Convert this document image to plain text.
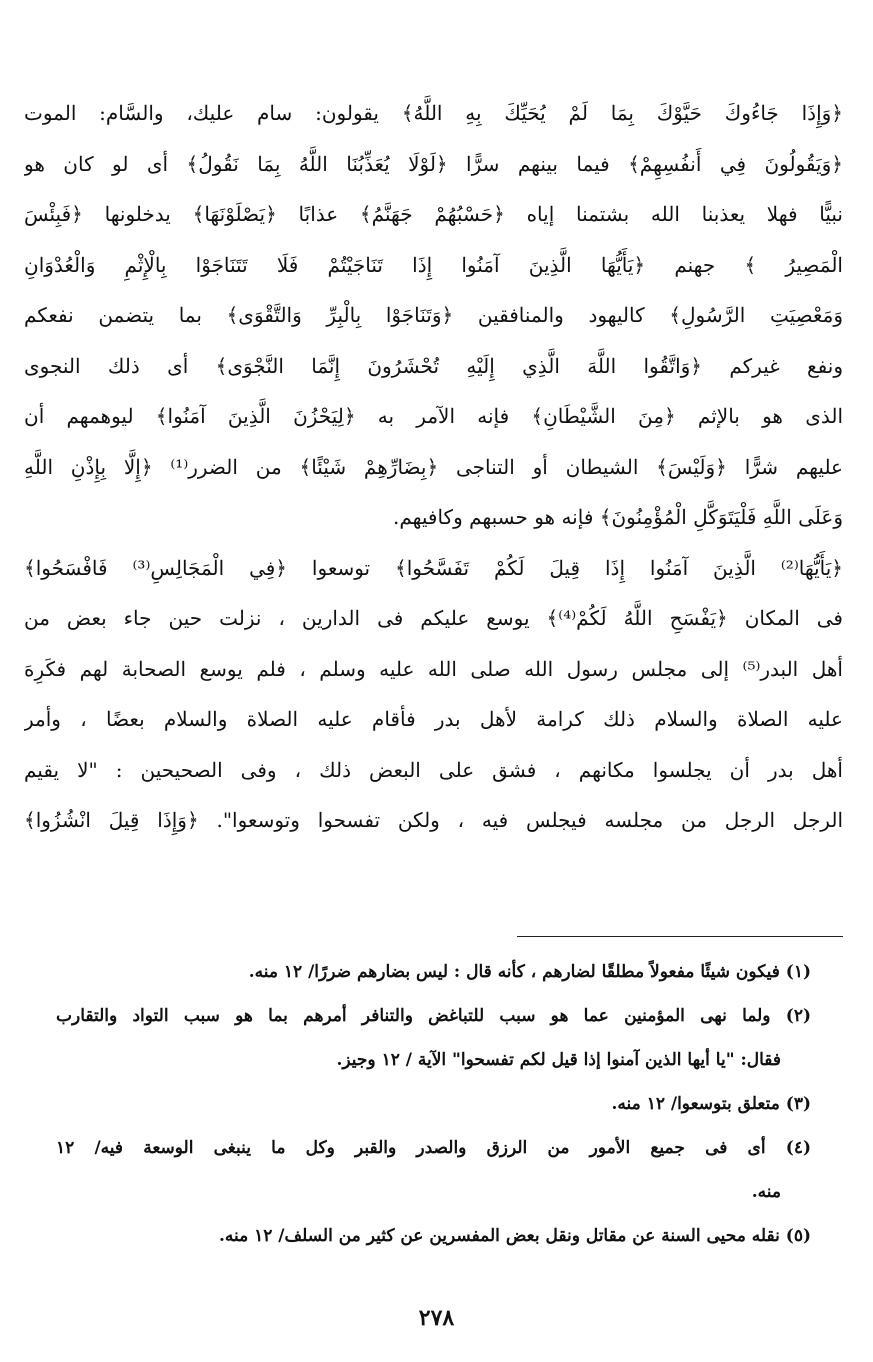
﴿وَإِذَا جَاءُوكَ حَيَّوْكَ بِمَا لَمْ يُحَيِّكَ بِهِ اللَّهُ﴾ يقولون: سام عليك، والسَّام: الموت
﴿وَيَقُولُونَ فِي أَنفُسِهِمْ﴾ فيما بينهم سرًّا ﴿لَوْلَا يُعَذِّبُنَا اللَّهُ بِمَا نَقُولُ﴾ أى لو كان هو
نبيًّا فهلا يعذبنا الله بشتمنا إياه ﴿حَسْبُهُمْ جَهَنَّمُ﴾ عذابًا ﴿يَصْلَوْنَهَا﴾ يدخلونها ﴿فَبِئْسَ
الْمَصِيرُ ﴾ جهنم ﴿يَأَيُّهَا الَّذِينَ آمَنُوا إِذَا تَنَاجَيْتُمْ فَلَا تَتَنَاجَوْا بِالْإِثْمِ وَالْعُدْوَانِ
وَمَعْصِيَتِ الرَّسُولِ﴾ كاليهود والمنافقين ﴿وَتَنَاجَوْا بِالْبِرِّ وَالتَّقْوَى﴾ بما يتضمن نفعكم
ونفع غيركم ﴿وَاتَّقُوا اللَّهَ الَّذِي إِلَيْهِ تُحْشَرُونَ إِنَّمَا النَّجْوَى﴾ أى ذلك النجوى
الذى هو بالإثم ﴿مِنَ الشَّيْطَانِ﴾ فإنه الآمر به ﴿لِيَحْزُنَ الَّذِينَ آمَنُوا﴾ ليوهمهم أن
عليهم شرًّا ﴿وَلَيْسَ﴾ الشيطان أو التناجى ﴿بِضَارِّهِمْ شَيْئًا﴾ من الضرر⁽¹⁾ ﴿إِلَّا بِإِذْنِ اللَّهِ
وَعَلَى اللَّهِ فَلْيَتَوَكَّلِ الْمُؤْمِنُونَ﴾ فإنه هو حسبهم وكافيهم.
﴿يَأَيُّهَا⁽²⁾ الَّذِينَ آمَنُوا إِذَا قِيلَ لَكُمْ تَفَسَّحُوا﴾ توسعوا ﴿فِي الْمَجَالِسِ⁽³⁾ فَافْسَحُوا﴾
فى المكان ﴿يَفْسَحِ اللَّهُ لَكُمْ⁽⁴⁾﴾ يوسع عليكم فى الدارين ، نزلت حين جاء بعض من
أهل البدر⁽⁵⁾ إلى مجلس رسول الله صلى الله عليه وسلم ، فلم يوسع الصحابة لهم فكَرِهَ
عليه الصلاة والسلام ذلك كرامة لأهل بدر فأقام عليه الصلاة والسلام بعضًا ، وأمر
أهل بدر أن يجلسوا مكانهم ، فشق على البعض ذلك ، وفى الصحيحين : "لا يقيم
الرجل الرجل من مجلسه فيجلس فيه ، ولكن تفسحوا وتوسعوا". ﴿وَإِذَا قِيلَ انْشُزُوا﴾
(١) فيكون شيئًا مفعولاً مطلقًا لضارهم ، كأنه قال : ليس بضارهم ضررًا/ ١٢ منه.
(٢) ولما نهى المؤمنين عما هو سبب للتباغض والتنافر أمرهم بما هو سبب التواد والتقارب
فقال: "يا أيها الذين آمنوا إذا قيل لكم تفسحوا" الآية / ١٢ وجيز.
(٣) متعلق بتوسعوا/ ١٢ منه.
(٤) أى فى جميع الأمور من الرزق والصدر والقبر وكل ما ينبغى الوسعة فيه/ ١٢
منه.
(٥) نقله محيى السنة عن مقاتل ونقل بعض المفسرين عن كثير من السلف/ ١٢ منه.
٢٧٨
